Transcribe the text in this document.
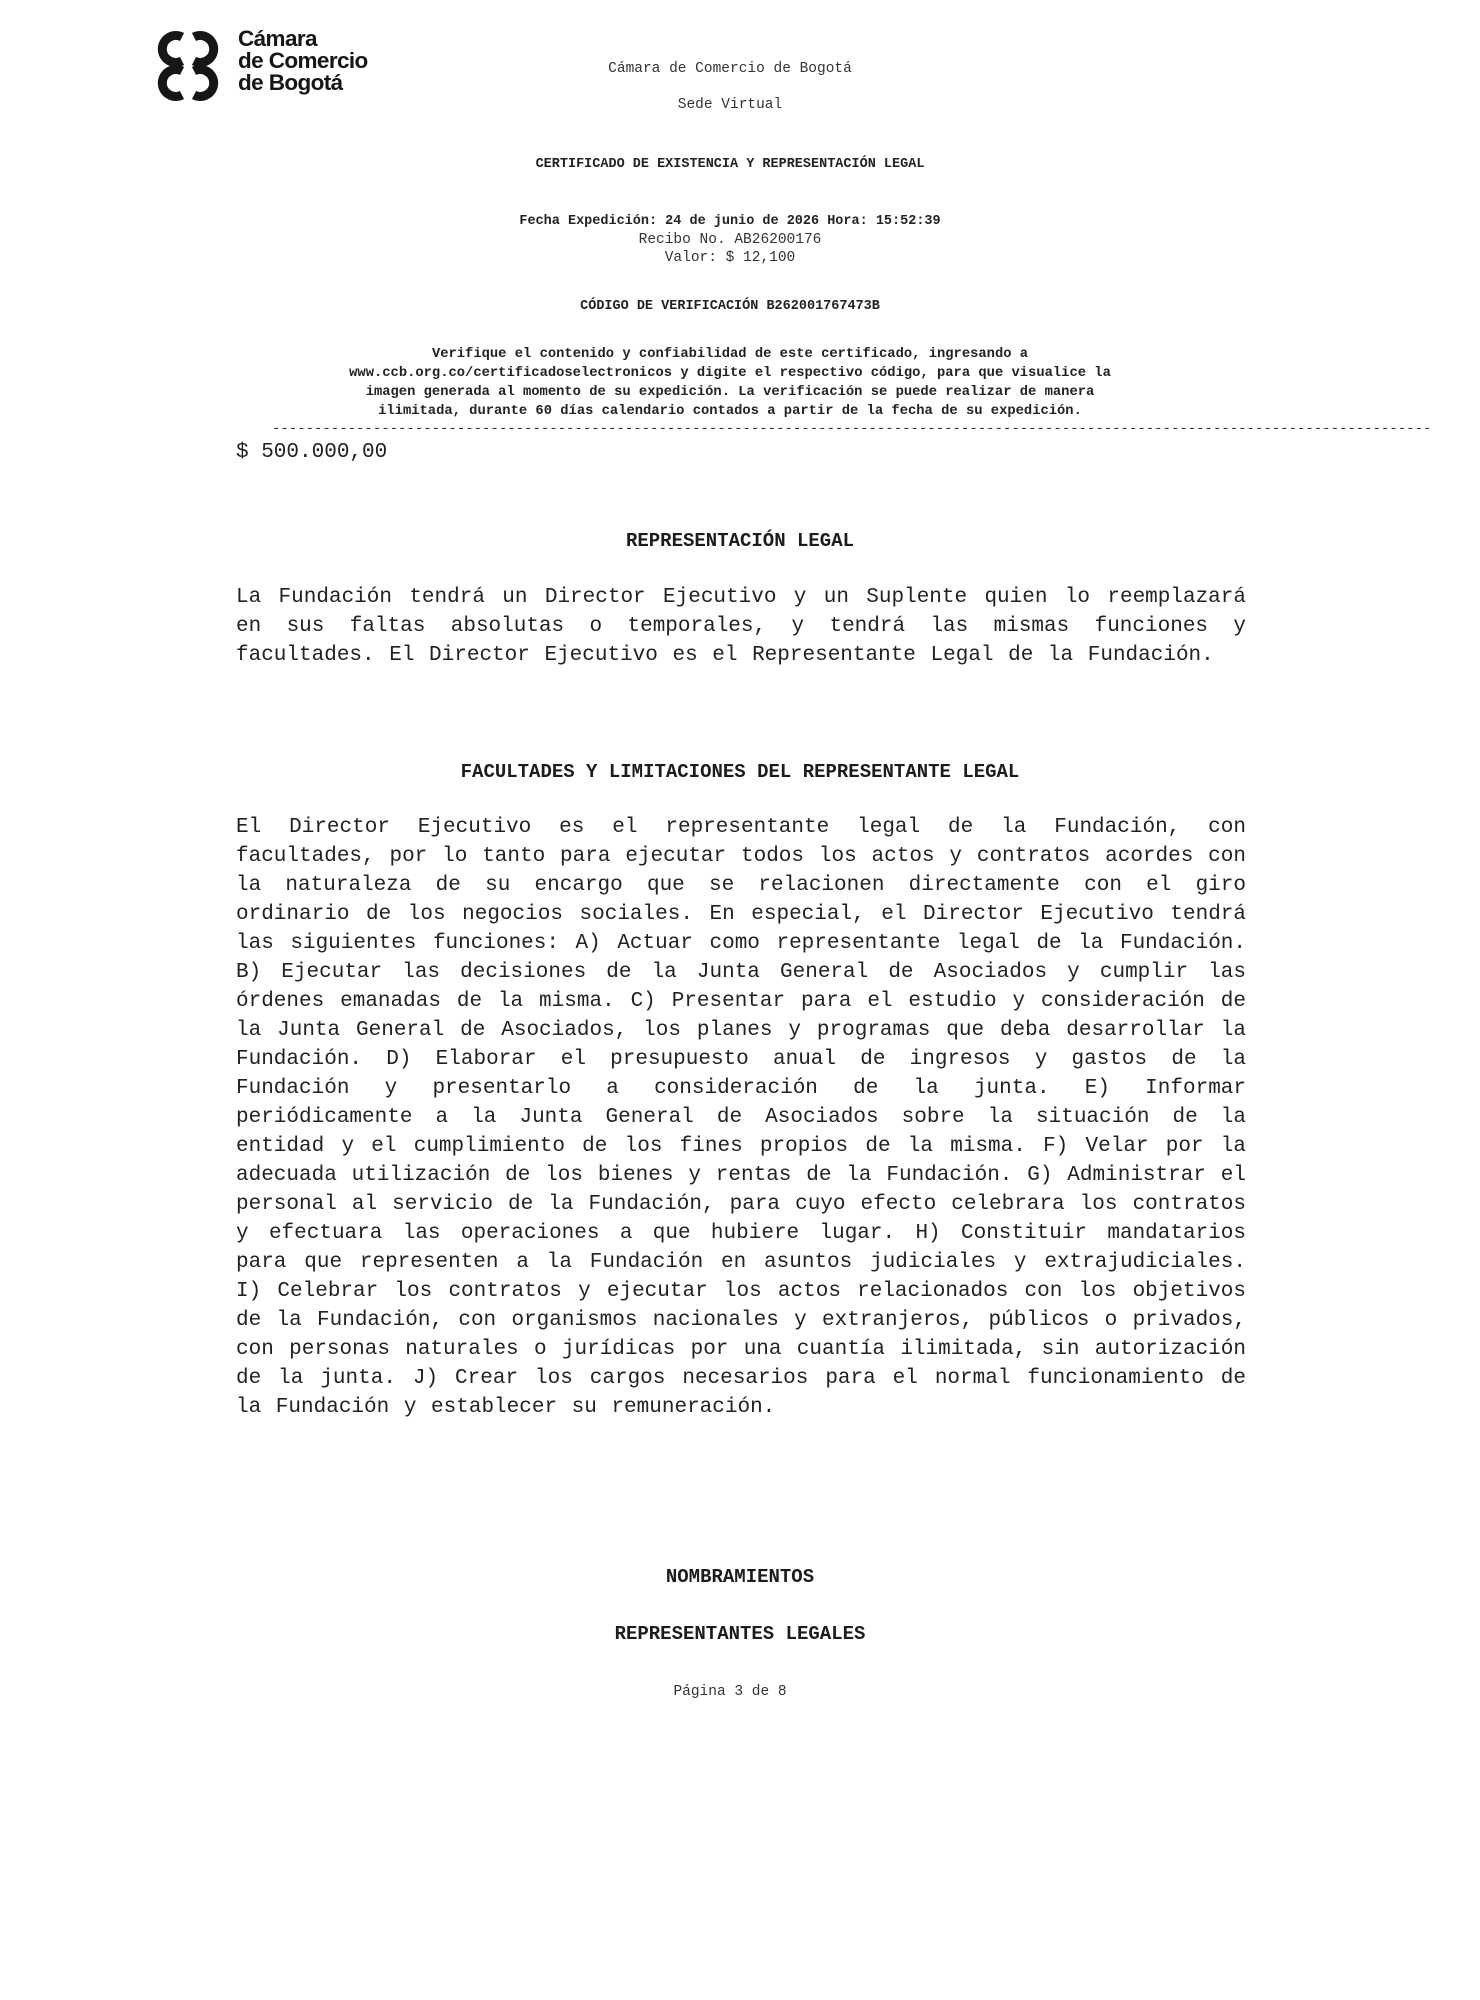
Cámara
de Comercio
de Bogotá
Cámara de Comercio de Bogotá
Sede Virtual
CERTIFICADO DE EXISTENCIA Y REPRESENTACIÓN LEGAL
Fecha Expedición: 24 de junio de 2026 Hora: 15:52:39
Recibo No. AB26200176
Valor: $ 12,100
CÓDIGO DE VERIFICACIÓN B262001767473B
Verifique el contenido y confiabilidad de este certificado, ingresando a
www.ccb.org.co/certificadoselectronicos y digite el respectivo código, para que visualice la
imagen generada al momento de su expedición. La verificación se puede realizar de manera
ilimitada, durante 60 días calendario contados a partir de la fecha de su expedición.
------------------------------------------------------------------------------------------------------------------------------------------
$ 500.000,00
REPRESENTACIÓN LEGAL
La Fundación tendrá un Director Ejecutivo y un Suplente quien lo reemplazará en sus faltas absolutas o temporales, y tendrá las mismas funciones y facultades. El Director Ejecutivo es el Representante Legal de la Fundación.
FACULTADES Y LIMITACIONES DEL REPRESENTANTE LEGAL
El Director Ejecutivo es el representante legal de la Fundación, con facultades, por lo tanto para ejecutar todos los actos y contratos acordes con la naturaleza de su encargo que se relacionen directamente con el giro ordinario de los negocios sociales. En especial, el Director Ejecutivo tendrá las siguientes funciones: A) Actuar como representante legal de la Fundación. B) Ejecutar las decisiones de la Junta General de Asociados y cumplir las órdenes emanadas de la misma. C) Presentar para el estudio y consideración de la Junta General de Asociados, los planes y programas que deba desarrollar la Fundación. D) Elaborar el presupuesto anual de ingresos y gastos de la Fundación y presentarlo a consideración de la junta. E) Informar periódicamente a la Junta General de Asociados sobre la situación de la entidad y el cumplimiento de los fines propios de la misma. F) Velar por la adecuada utilización de los bienes y rentas de la Fundación. G) Administrar el personal al servicio de la Fundación, para cuyo efecto celebrara los contratos y efectuara las operaciones a que hubiere lugar. H) Constituir mandatarios para que representen a la Fundación en asuntos judiciales y extrajudiciales. I) Celebrar los contratos y ejecutar los actos relacionados con los objetivos de la Fundación, con organismos nacionales y extranjeros, públicos o privados, con personas naturales o jurídicas por una cuantía ilimitada, sin autorización de la junta. J) Crear los cargos necesarios para el normal funcionamiento de la Fundación y establecer su remuneración.
NOMBRAMIENTOS
REPRESENTANTES LEGALES
Página 3 de 8
